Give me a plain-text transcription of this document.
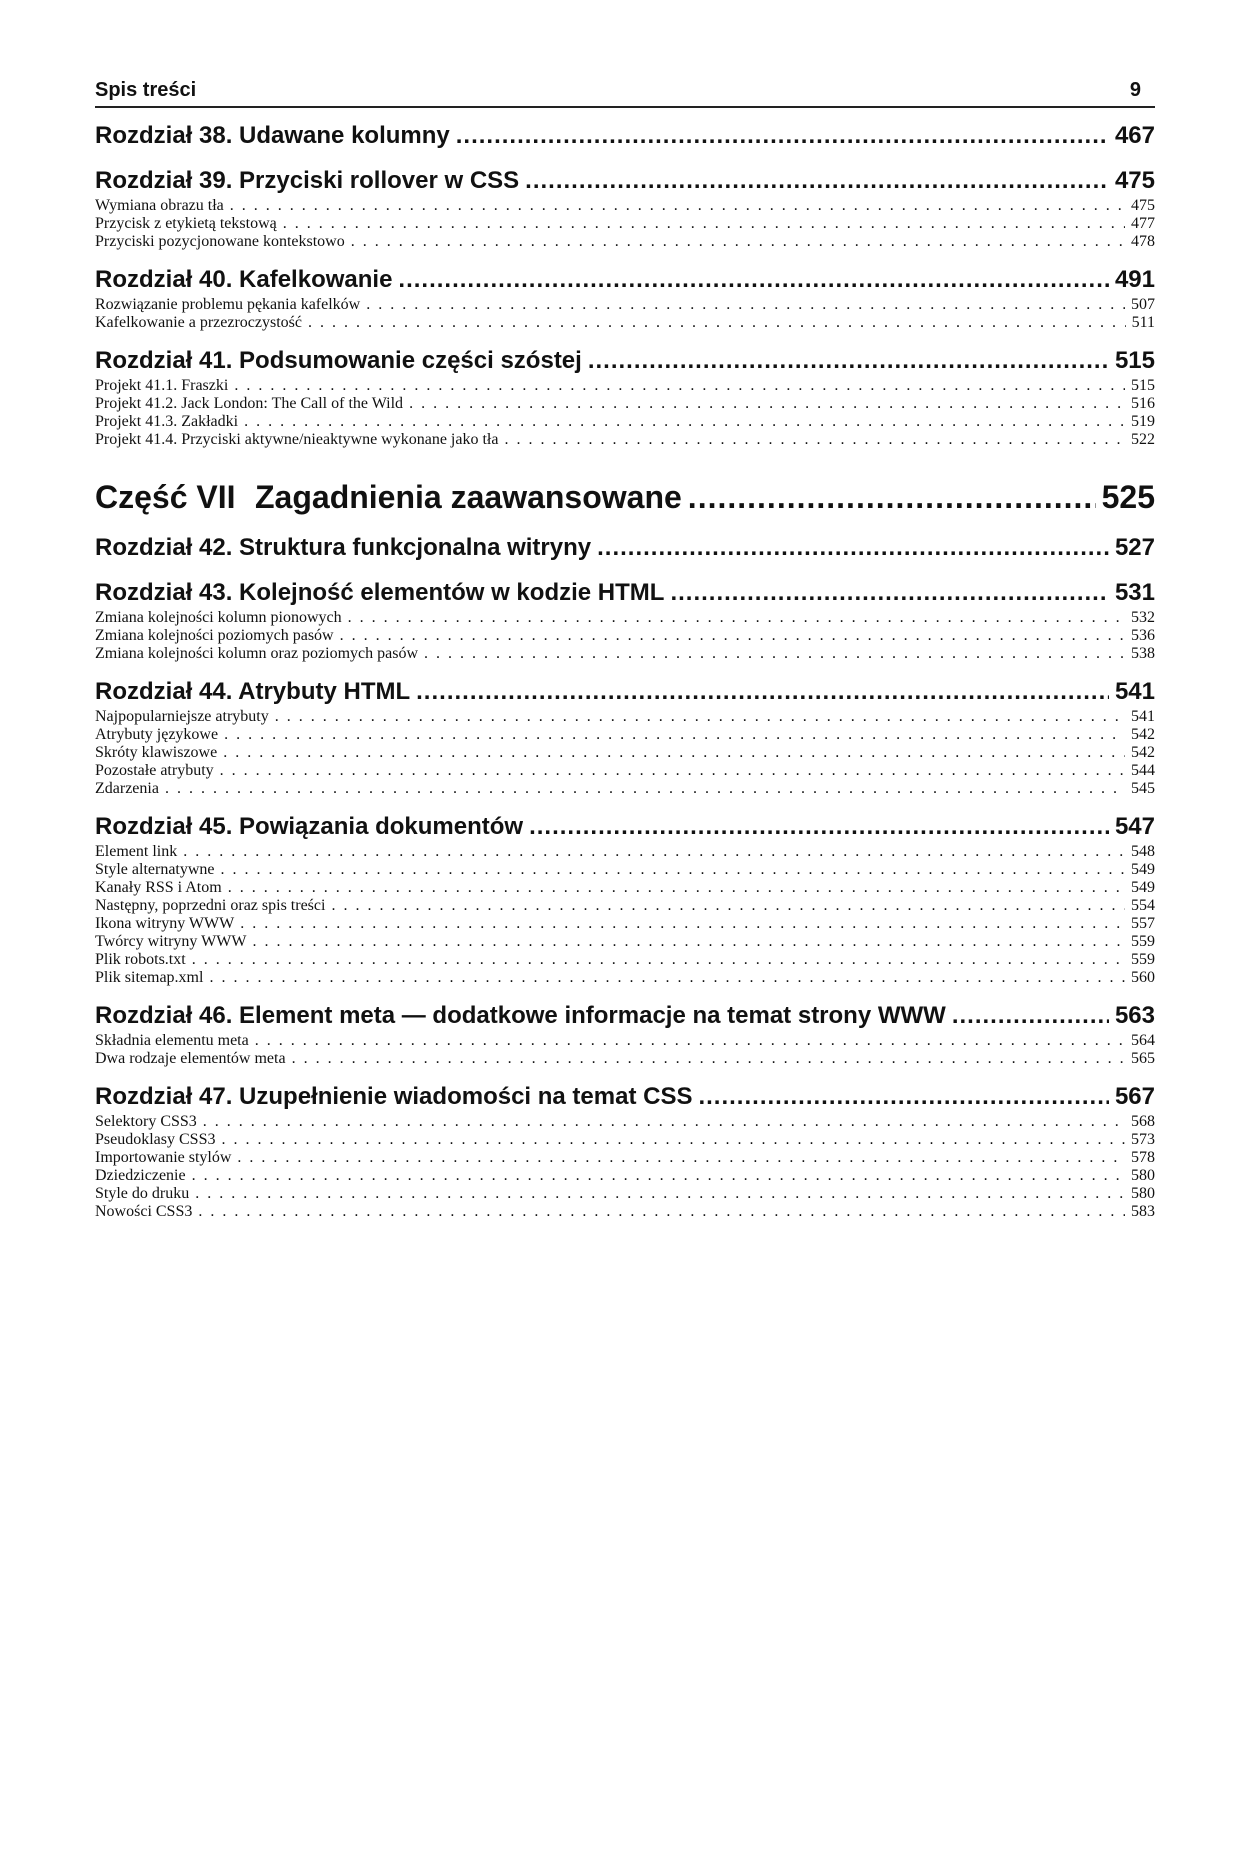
Spis treści	9
Rozdział 38. Udawane kolumny .....	467
Rozdział 39. Przyciski rollover w CSS .....	475
Wymiana obrazu tła . . .	475
Przycisk z etykietą tekstową . . .	477
Przyciski pozycjonowane kontekstowo . . .	478
Rozdział 40. Kafelkowanie .....	491
Rozwiązanie problemu pękania kafelków . . .	507
Kafelkowanie a przezroczystość . . .	511
Rozdział 41. Podsumowanie części szóstej .....	515
Projekt 41.1. Fraszki . . .	515
Projekt 41.2. Jack London: The Call of the Wild . . .	516
Projekt 41.3. Zakładki . . .	519
Projekt 41.4. Przyciski aktywne/nieaktywne wykonane jako tła . . .	522
Część VII Zagadnienia zaawansowane .....	525
Rozdział 42. Struktura funkcjonalna witryny .....	527
Rozdział 43. Kolejność elementów w kodzie HTML .....	531
Zmiana kolejności kolumn pionowych . . .	532
Zmiana kolejności poziomych pasów . . .	536
Zmiana kolejności kolumn oraz poziomych pasów . . .	538
Rozdział 44. Atrybuty HTML .....	541
Najpopularniejsze atrybuty . . .	541
Atrybuty językowe . . .	542
Skróty klawiszowe . . .	542
Pozostałe atrybuty . . .	544
Zdarzenia . . .	545
Rozdział 45. Powiązania dokumentów .....	547
Element link . . .	548
Style alternatywne . . .	549
Kanały RSS i Atom . . .	549
Następny, poprzedni oraz spis treści . . .	554
Ikona witryny WWW . . .	557
Twórcy witryny WWW . . .	559
Plik robots.txt . . .	559
Plik sitemap.xml . . .	560
Rozdział 46. Element meta — dodatkowe informacje na temat strony WWW .....	563
Składnia elementu meta . . .	564
Dwa rodzaje elementów meta . . .	565
Rozdział 47. Uzupełnienie wiadomości na temat CSS .....	567
Selektory CSS3 . . .	568
Pseudoklasy CSS3 . . .	573
Importowanie stylów . . .	578
Dziedziczenie . . .	580
Style do druku . . .	580
Nowości CSS3 . . .	583
